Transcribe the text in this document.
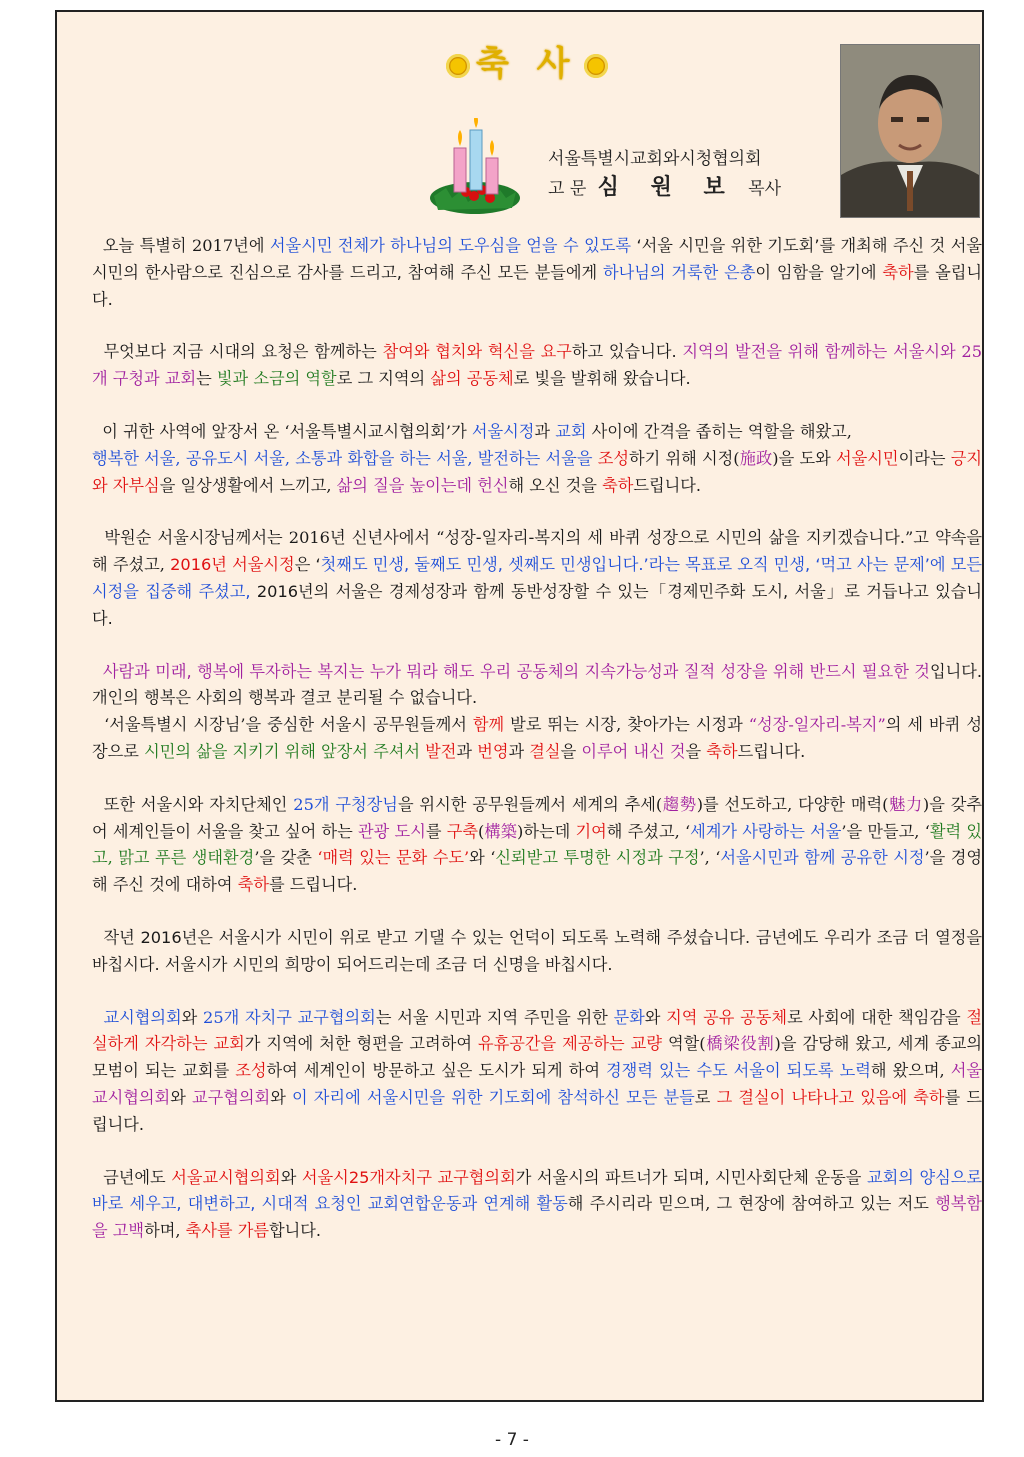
축 사
서울특별시교회와시청협의회
고 문 심 원 보 목사

오늘 특별히 2017년에 서울시민 전체가 하나님의 도우심을 얻을 수 있도록 ‘서울 시민을 위한 기도회’를 개최해 주신 것 서울 시민의 한사람으로 진심으로 감사를 드리고, 참여해 주신 모든 분들에게 하나님의 거룩한 은총이 임함을 알기에 축하를 올립니다.

무엇보다 지금 시대의 요청은 함께하는 참여와 협치와 혁신을 요구하고 있습니다. 지역의 발전을 위해 함께하는 서울시와 25개 구청과 교회는 빛과 소금의 역할로 그 지역의 삶의 공동체로 빛을 발휘해 왔습니다.

이 귀한 사역에 앞장서 온 ‘서울특별시교시협의회’가 서울시정과 교회 사이에 간격을 좁히는 역할을 해왔고,
행복한 서울, 공유도시 서울, 소통과 화합을 하는 서울, 발전하는 서울을 조성하기 위해 시정(施政)을 도와 서울시민이라는 긍지와 자부심을 일상생활에서 느끼고, 삶의 질을 높이는데 헌신해 오신 것을 축하드립니다.

박원순 서울시장님께서는 2016년 신년사에서 “성장-일자리-복지의 세 바퀴 성장으로 시민의 삶을 지키겠습니다.”고 약속을 해 주셨고, 2016년 서울시정은 ‘첫째도 민생, 둘째도 민생, 셋째도 민생입니다.’라는 목표로 오직 민생, ‘먹고 사는 문제’에 모든 시정을 집중해 주셨고, 2016년의 서울은 경제성장과 함께 동반성장할 수 있는「경제민주화 도시, 서울」로 거듭나고 있습니다.

사람과 미래, 행복에 투자하는 복지는 누가 뭐라 해도 우리 공동체의 지속가능성과 질적 성장을 위해 반드시 필요한 것입니다. 개인의 행복은 사회의 행복과 결코 분리될 수 없습니다.

‘서울특별시 시장님’을 중심한 서울시 공무원들께서 함께 발로 뛰는 시장, 찾아가는 시정과 “성장-일자리-복지”의 세 바퀴 성장으로 시민의 삶을 지키기 위해 앞장서 주셔서 발전과 번영과 결실을 이루어 내신 것을 축하드립니다.

또한 서울시와 자치단체인 25개 구청장님을 위시한 공무원들께서 세계의 추세(趨勢)를 선도하고, 다양한 매력(魅力)을 갖추어 세계인들이 서울을 찾고 싶어 하는 관광 도시를 구축(構築)하는데 기여해 주셨고, ‘세계가 사랑하는 서울’을 만들고, ‘활력 있고, 맑고 푸른 생태환경’을 갖춘 ‘매력 있는 문화 수도’와 ‘신뢰받고 투명한 시정과 구정’, ‘서울시민과 함께 공유한 시정’을 경영해 주신 것에 대하여 축하를 드립니다.

작년 2016년은 서울시가 시민이 위로 받고 기댈 수 있는 언덕이 되도록 노력해 주셨습니다. 금년에도 우리가 조금 더 열정을 바칩시다. 서울시가 시민의 희망이 되어드리는데 조금 더 신명을 바칩시다.

교시협의회와 25개 자치구 교구협의회는 서울 시민과 지역 주민을 위한 문화와 지역 공유 공동체로 사회에 대한 책임감을 절실하게 자각하는 교회가 지역에 처한 형편을 고려하여 유휴공간을 제공하는 교량 역할(橋梁役割)을 감당해 왔고, 세계 종교의 모범이 되는 교회를 조성하여 세계인이 방문하고 싶은 도시가 되게 하여 경쟁력 있는 수도 서울이 되도록 노력해 왔으며, 서울교시협의회와 교구협의회와 이 자리에 서울시민을 위한 기도회에 참석하신 모든 분들로 그 결실이 나타나고 있음에 축하를 드립니다.

금년에도 서울교시협의회와 서울시25개자치구 교구협의회가 서울시의 파트너가 되며, 시민사회단체 운동을 교회의 양심으로 바로 세우고, 대변하고, 시대적 요청인 교회연합운동과 연계해 활동해 주시리라 믿으며, 그 현장에 참여하고 있는 저도 행복함을 고백하며, 축사를 가름합니다.

- 7 -
